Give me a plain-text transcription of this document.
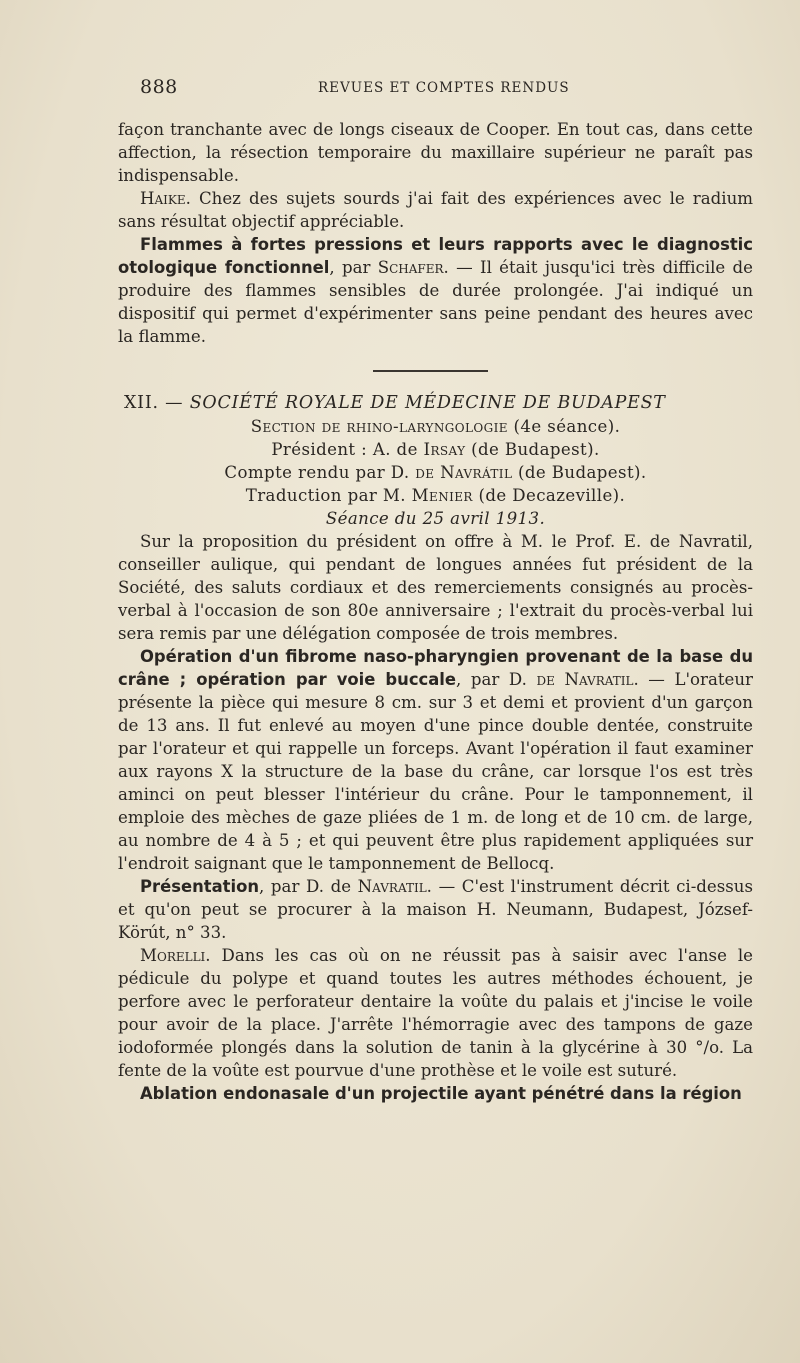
888	REVUES ET COMPTES RENDUS

façon tranchante avec de longs ciseaux de Cooper. En tout cas, dans cette affection, la résection temporaire du maxillaire supérieur ne paraît pas indispensable.

Haike. Chez des sujets sourds j'ai fait des expériences avec le radium sans résultat objectif appréciable.

Flammes à fortes pressions et leurs rapports avec le diagnostic otologique fonctionnel, par Schafer. — Il était jusqu'ici très difficile de produire des flammes sensibles de durée prolongée. J'ai indiqué un dispositif qui permet d'expérimenter sans peine pendant des heures avec la flamme.

XII. — SOCIÉTÉ ROYALE DE MÉDECINE DE BUDAPEST

Section de rhino-laryngologie (4e séance).

Président : A. de Irsay (de Budapest).

Compte rendu par D. de Navrátil (de Budapest).

Traduction par M. Menier (de Decazeville).

Séance du 25 avril 1913.

Sur la proposition du président on offre à M. le Prof. E. de Navratil, conseiller aulique, qui pendant de longues années fut président de la Société, des saluts cordiaux et des remerciements consignés au procès-verbal à l'occasion de son 80e anniversaire ; l'extrait du procès-verbal lui sera remis par une délégation composée de trois membres.

Opération d'un fibrome naso-pharyngien provenant de la base du crâne ; opération par voie buccale, par D. de Navratil. — L'orateur présente la pièce qui mesure 8 cm. sur 3 et demi et provient d'un garçon de 13 ans. Il fut enlevé au moyen d'une pince double dentée, construite par l'orateur et qui rappelle un forceps. Avant l'opération il faut examiner aux rayons X la structure de la base du crâne, car lorsque l'os est très aminci on peut blesser l'intérieur du crâne. Pour le tamponnement, il emploie des mèches de gaze pliées de 1 m. de long et de 10 cm. de large, au nombre de 4 à 5 ; et qui peuvent être plus rapidement appliquées sur l'endroit saignant que le tamponnement de Bellocq.

Présentation, par D. de Navratil. — C'est l'instrument décrit ci-dessus et qu'on peut se procurer à la maison H. Neumann, Budapest, József-Körút, n° 33.

Morelli. Dans les cas où on ne réussit pas à saisir avec l'anse le pédicule du polype et quand toutes les autres méthodes échouent, je perfore avec le perforateur dentaire la voûte du palais et j'incise le voile pour avoir de la place. J'arrête l'hémorragie avec des tampons de gaze iodoformée plongés dans la solution de tanin à la glycérine à 30 °/o. La fente de la voûte est pourvue d'une prothèse et le voile est suturé.

Ablation endonasale d'un projectile ayant pénétré dans la région
